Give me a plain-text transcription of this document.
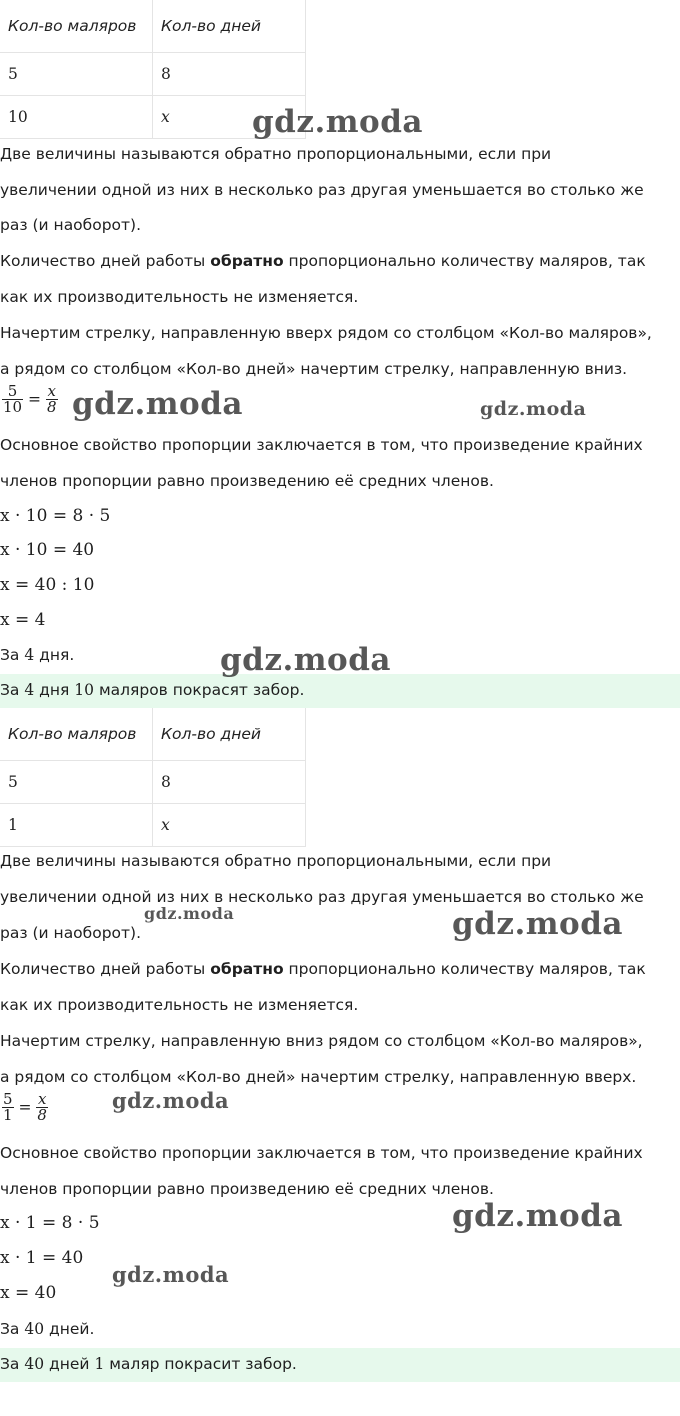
Кол-во маляров	Кол-во дней
5	8
10	x
Две величины называются обратно пропорциональными, если при
увеличении одной из них в несколько раз другая уменьшается во столько же
раз (и наоборот).
Количество дней работы обратно пропорционально количеству маляров, так
как их производительность не изменяется.
Начертим стрелку, направленную вверх рядом со столбцом «Кол-во маляров»,
а рядом со столбцом «Кол-во дней» начертим стрелку, направленную вниз.
$\frac{5}{10} = \frac{x}{8}$
Основное свойство пропорции заключается в том, что произведение крайних
членов пропорции равно произведению её средних членов.
x · 10 = 8 · 5
x · 10 = 40
x = 40 : 10
x = 4
За 4 дня.
За 4 дня 10 маляров покрасят забор.
Кол-во маляров	Кол-во дней
5	8
1	x
Две величины называются обратно пропорциональными, если при
увеличении одной из них в несколько раз другая уменьшается во столько же
раз (и наоборот).
Количество дней работы обратно пропорционально количеству маляров, так
как их производительность не изменяется.
Начертим стрелку, направленную вниз рядом со столбцом «Кол-во маляров»,
а рядом со столбцом «Кол-во дней» начертим стрелку, направленную вверх.
$\frac{5}{1} = \frac{x}{8}$
Основное свойство пропорции заключается в том, что произведение крайних
членов пропорции равно произведению её средних членов.
x · 1 = 8 · 5
x · 1 = 40
x = 40
За 40 дней.
За 40 дней 1 маляр покрасит забор.
gdz.moda
gdz.moda	gdz.moda
gdz.moda
gdz.moda	gdz.moda
gdz.moda
gdz.moda
gdz.moda
